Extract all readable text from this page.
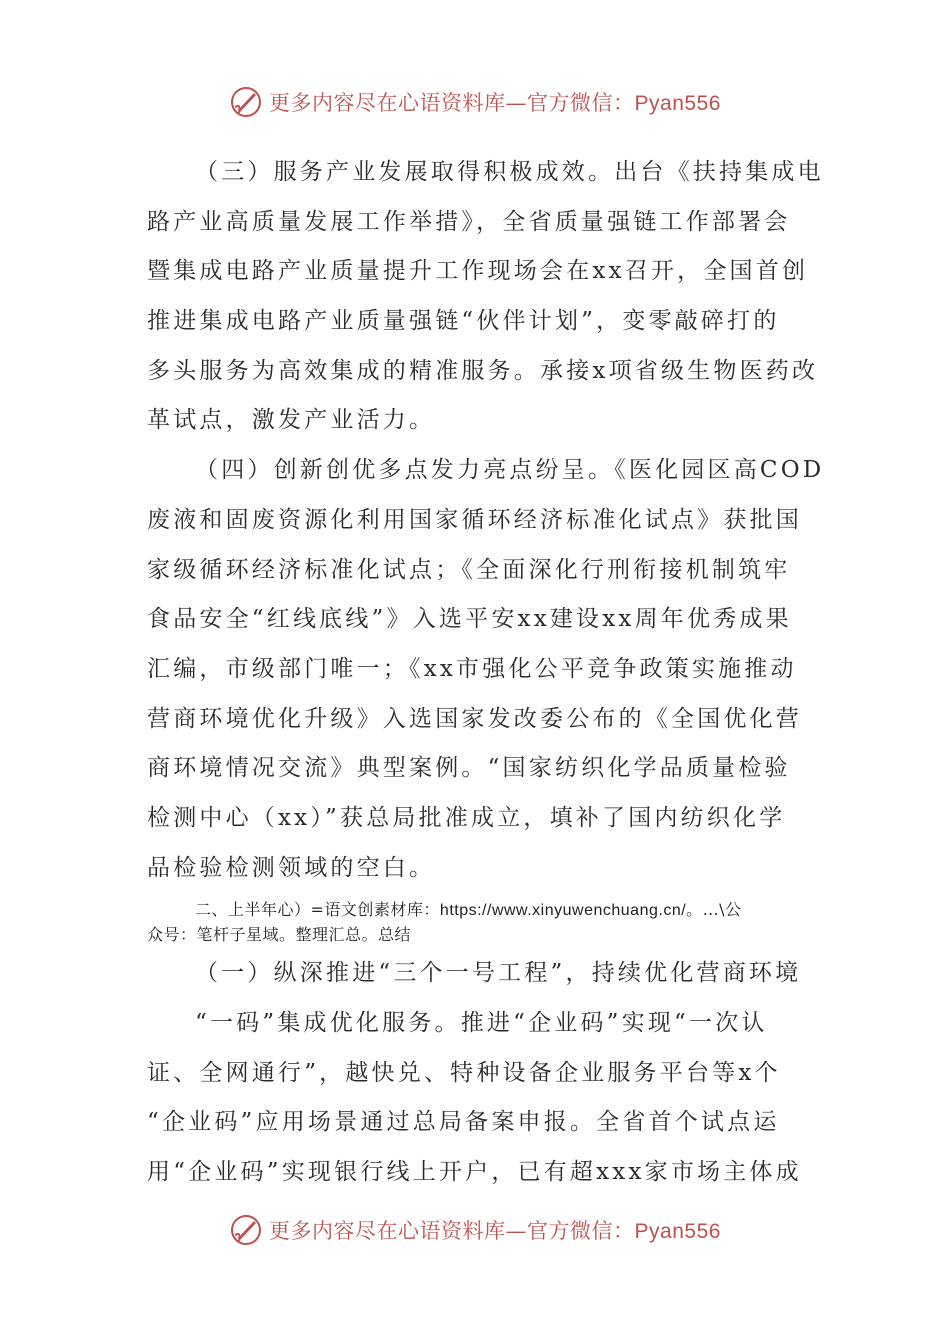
更多内容尽在心语资料库—官方微信：Pyan556
（三）服务产业发展取得积极成效。出台《扶持集成电
路产业高质量发展工作举措》，全省质量强链工作部署会
暨集成电路产业质量提升工作现场会在xx召开，全国首创
推进集成电路产业质量强链“伙伴计划”，变零敲碎打的
多头服务为高效集成的精准服务。承接x项省级生物医药改
革试点，激发产业活力。
（四）创新创优多点发力亮点纷呈。《医化园区高COD
废液和固废资源化利用国家循环经济标准化试点》获批国
家级循环经济标准化试点；《全面深化行刑衔接机制筑牢
食品安全“红线底线”》入选平安xx建设xx周年优秀成果
汇编，市级部门唯一；《xx市强化公平竞争政策实施推动
营商环境优化升级》入选国家发改委公布的《全国优化营
商环境情况交流》典型案例。“国家纺织化学品质量检验
检测中心（xx）”获总局批准成立，填补了国内纺织化学
品检验检测领域的空白。
二、上半年心）=语文创素材库：https://www.xinyuwenchuang.cn/。…\公
众号：笔杆子星域。整理汇总。总结
（一）纵深推进“三个一号工程”，持续优化营商环境
“一码”集成优化服务。推进“企业码”实现“一次认
证、全网通行”，越快兑、特种设备企业服务平台等x个
“企业码”应用场景通过总局备案申报。全省首个试点运
用“企业码”实现银行线上开户，已有超xxx家市场主体成
更多内容尽在心语资料库—官方微信：Pyan556
